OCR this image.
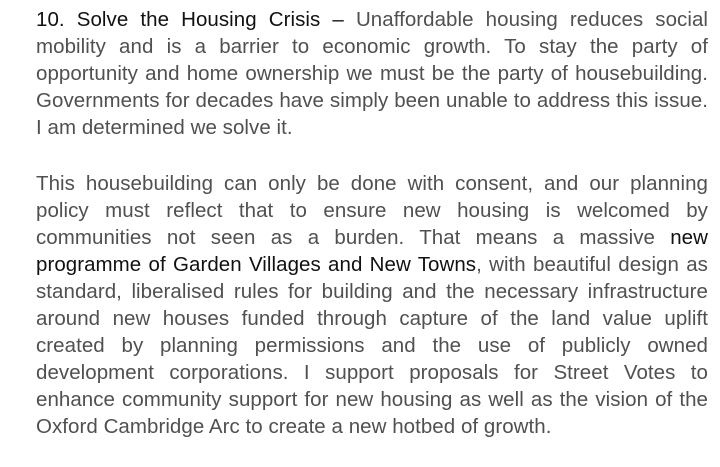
10. Solve the Housing Crisis – Unaffordable housing reduces social mobility and is a barrier to economic growth. To stay the party of opportunity and home ownership we must be the party of housebuilding. Governments for decades have simply been unable to address this issue. I am determined we solve it.

This housebuilding can only be done with consent, and our planning policy must reflect that to ensure new housing is welcomed by communities not seen as a burden. That means a massive new programme of Garden Villages and New Towns, with beautiful design as standard, liberalised rules for building and the necessary infrastructure around new houses funded through capture of the land value uplift created by planning permissions and the use of publicly owned development corporations. I support proposals for Street Votes to enhance community support for new housing as well as the vision of the Oxford Cambridge Arc to create a new hotbed of growth.
